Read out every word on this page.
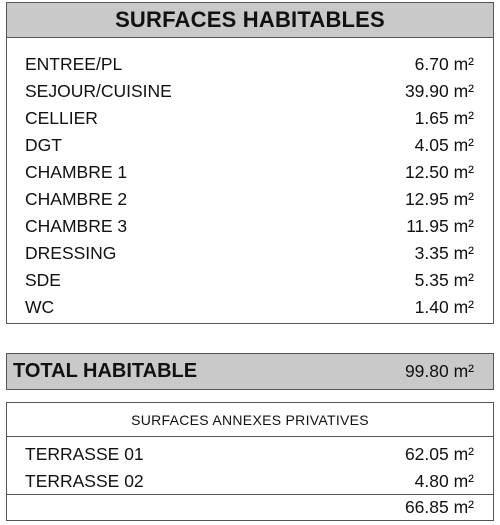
SURFACES HABITABLES
ENTREE/PL	6.70 m²
SEJOUR/CUISINE	39.90 m²
CELLIER	1.65 m²
DGT	4.05 m²
CHAMBRE 1	12.50 m²
CHAMBRE 2	12.95 m²
CHAMBRE 3	11.95 m²
DRESSING	3.35 m²
SDE	5.35 m²
WC	1.40 m²
TOTAL HABITABLE	99.80 m²
SURFACES ANNEXES PRIVATIVES
TERRASSE 01	62.05 m²
TERRASSE 02	4.80 m²
66.85 m²
